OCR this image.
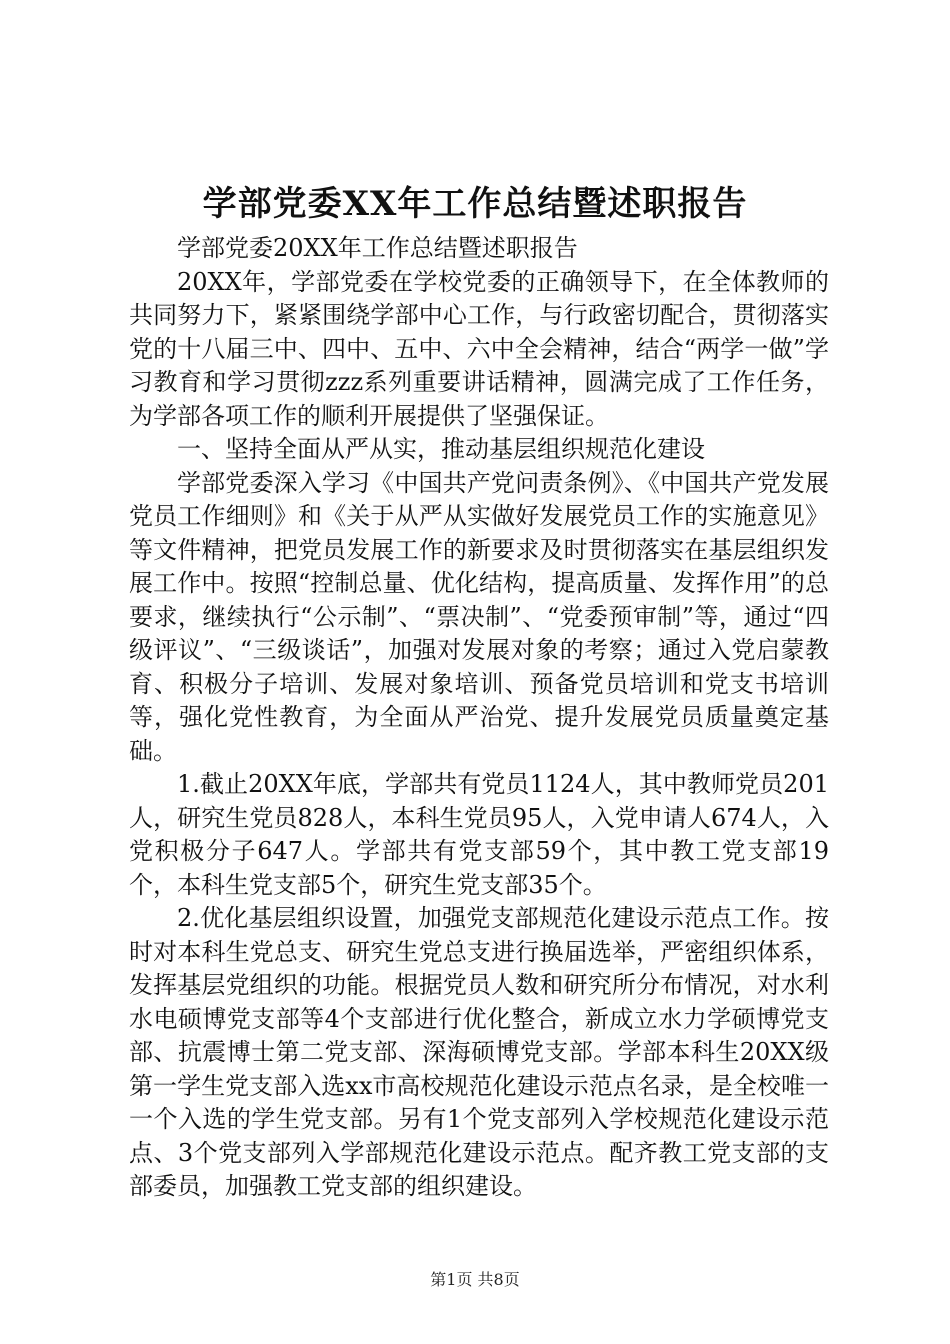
学部党委XX年工作总结暨述职报告

学部党委20XX年工作总结暨述职报告

20XX年，学部党委在学校党委的正确领导下，在全体教师的共同努力下，紧紧围绕学部中心工作，与行政密切配合，贯彻落实党的十八届三中、四中、五中、六中全会精神，结合“两学一做”学习教育和学习贯彻zzz系列重要讲话精神，圆满完成了工作任务，为学部各项工作的顺利开展提供了坚强保证。

一、坚持全面从严从实，推动基层组织规范化建设

学部党委深入学习《中国共产党问责条例》、《中国共产党发展党员工作细则》和《关于从严从实做好发展党员工作的实施意见》等文件精神，把党员发展工作的新要求及时贯彻落实在基层组织发展工作中。按照“控制总量、优化结构，提高质量、发挥作用”的总要求，继续执行“公示制”、“票决制”、“党委预审制”等，通过“四级评议”、“三级谈话”，加强对发展对象的考察；通过入党启蒙教育、积极分子培训、发展对象培训、预备党员培训和党支书培训等，强化党性教育，为全面从严治党、提升发展党员质量奠定基础。

1.截止20XX年底，学部共有党员1124人，其中教师党员201人，研究生党员828人，本科生党员95人，入党申请人674人，入党积极分子647人。学部共有党支部59个，其中教工党支部19个，本科生党支部5个，研究生党支部35个。

2.优化基层组织设置，加强党支部规范化建设示范点工作。按时对本科生党总支、研究生党总支进行换届选举，严密组织体系，发挥基层党组织的功能。根据党员人数和研究所分布情况，对水利水电硕博党支部等4个支部进行优化整合，新成立水力学硕博党支部、抗震博士第二党支部、深海硕博党支部。学部本科生20XX级第一学生党支部入选xx市高校规范化建设示范点名录，是全校唯一一个入选的学生党支部。另有1个党支部列入学校规范化建设示范点、3个党支部列入学部规范化建设示范点。配齐教工党支部的支部委员，加强教工党支部的组织建设。

第1页 共8页
